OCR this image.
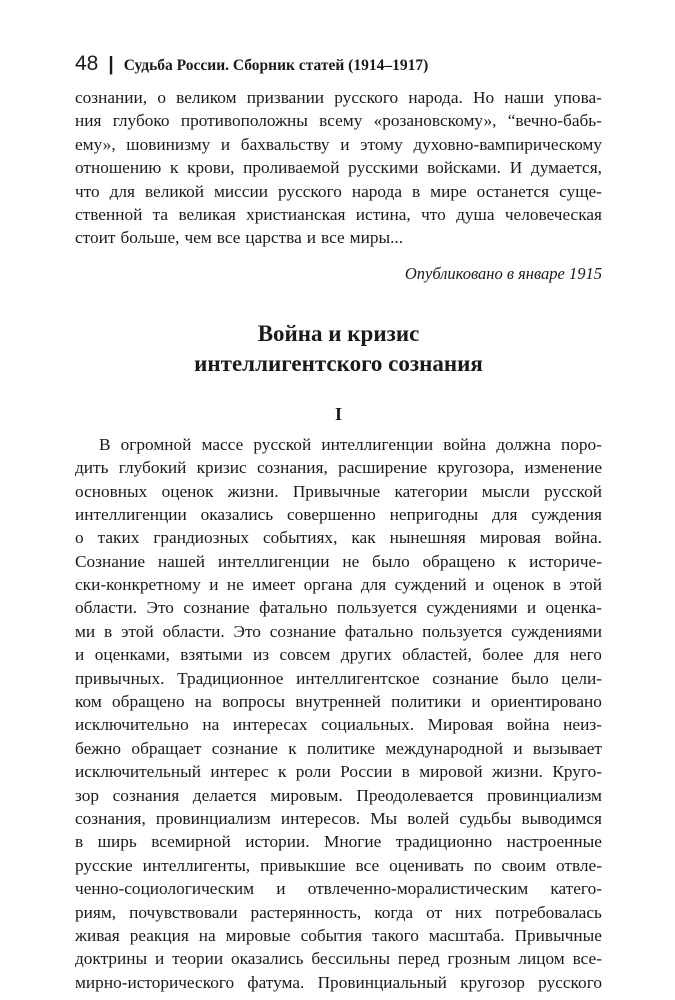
48 | Судьба России. Сборник статей (1914–1917)
сознании, о великом призвании русского народа. Но наши упова-
ния глубоко противоположны всему «розановскому», “вечно-бабь-
ему», шовинизму и бахвальству и этому духовно-вампирическому
отношению к крови, проливаемой русскими войсками. И думается,
что для великой миссии русского народа в мире останется суще-
ственной та великая христианская истина, что душа человеческая
стоит больше, чем все царства и все миры...
Опубликовано в январе 1915
Война и кризис
интеллигентского сознания
I
В огромной массе русской интеллигенции война должна поро-
дить глубокий кризис сознания, расширение кругозора, изменение
основных оценок жизни. Привычные категории мысли русской
интеллигенции оказались совершенно непригодны для суждения
о таких грандиозных событиях, как нынешняя мировая война.
Сознание нашей интеллигенции не было обращено к историче-
ски-конкретному и не имеет органа для суждений и оценок в этой
области. Это сознание фатально пользуется суждениями и оценка-
ми в этой области. Это сознание фатально пользуется суждениями
и оценками, взятыми из совсем других областей, более для него
привычных. Традиционное интеллигентское сознание было цели-
ком обращено на вопросы внутренней политики и ориентировано
исключительно на интересах социальных. Мировая война неиз-
бежно обращает сознание к политике международной и вызывает
исключительный интерес к роли России в мировой жизни. Круго-
зор сознания делается мировым. Преодолевается провинциализм
сознания, провинциализм интересов. Мы волей судьбы выводимся
в ширь всемирной истории. Многие традиционно настроенные
русские интеллигенты, привыкшие все оценивать по своим отвле-
ченно-социологическим и отвлеченно-моралистическим катего-
риям, почувствовали растерянность, когда от них потребовалась
живая реакция на мировые события такого масштаба. Привычные
доктрины и теории оказались бессильны перед грозным лицом все-
мирно-исторического фатума. Провинциальный кругозор русского
